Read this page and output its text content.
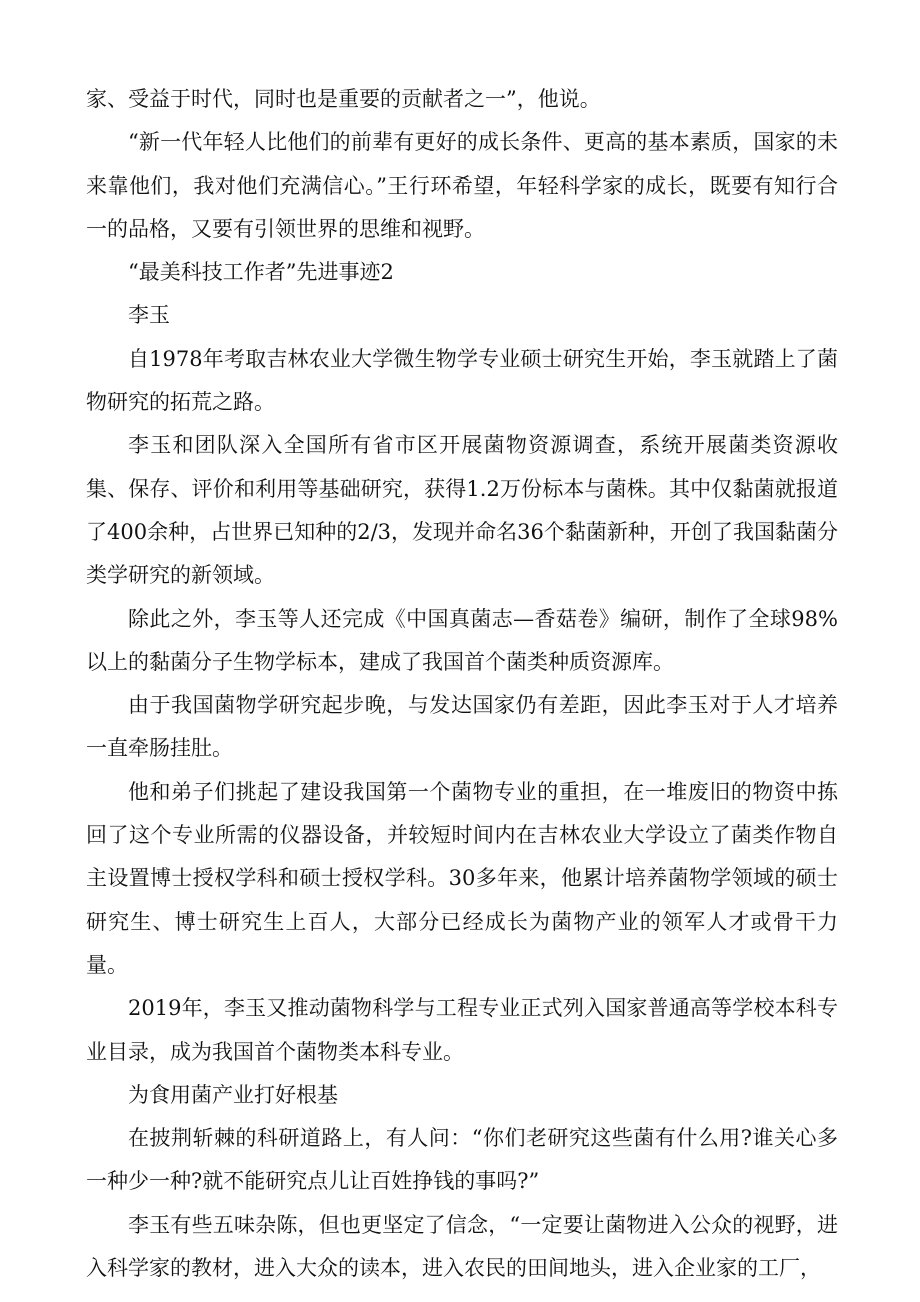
家、受益于时代，同时也是重要的贡献者之一”，他说。

“新一代年轻人比他们的前辈有更好的成长条件、更高的基本素质，国家的未来靠他们，我对他们充满信心。”王行环希望，年轻科学家的成长，既要有知行合一的品格，又要有引领世界的思维和视野。

“最美科技工作者”先进事迹2

李玉

自1978年考取吉林农业大学微生物学专业硕士研究生开始，李玉就踏上了菌物研究的拓荒之路。

李玉和团队深入全国所有省市区开展菌物资源调查，系统开展菌类资源收集、保存、评价和利用等基础研究，获得1.2万份标本与菌株。其中仅黏菌就报道了400余种，占世界已知种的2/3，发现并命名36个黏菌新种，开创了我国黏菌分类学研究的新领域。

除此之外，李玉等人还完成《中国真菌志—香菇卷》编研，制作了全球98%以上的黏菌分子生物学标本，建成了我国首个菌类种质资源库。

由于我国菌物学研究起步晚，与发达国家仍有差距，因此李玉对于人才培养一直牵肠挂肚。

他和弟子们挑起了建设我国第一个菌物专业的重担，在一堆废旧的物资中拣回了这个专业所需的仪器设备，并较短时间内在吉林农业大学设立了菌类作物自主设置博士授权学科和硕士授权学科。30多年来，他累计培养菌物学领域的硕士研究生、博士研究生上百人，大部分已经成长为菌物产业的领军人才或骨干力量。

2019年，李玉又推动菌物科学与工程专业正式列入国家普通高等学校本科专业目录，成为我国首个菌物类本科专业。

为食用菌产业打好根基

在披荆斩棘的科研道路上，有人问：“你们老研究这些菌有什么用?谁关心多一种少一种?就不能研究点儿让百姓挣钱的事吗?”

李玉有些五味杂陈，但也更坚定了信念，“一定要让菌物进入公众的视野，进入科学家的教材，进入大众的读本，进入农民的田间地头，进入企业家的工厂，
